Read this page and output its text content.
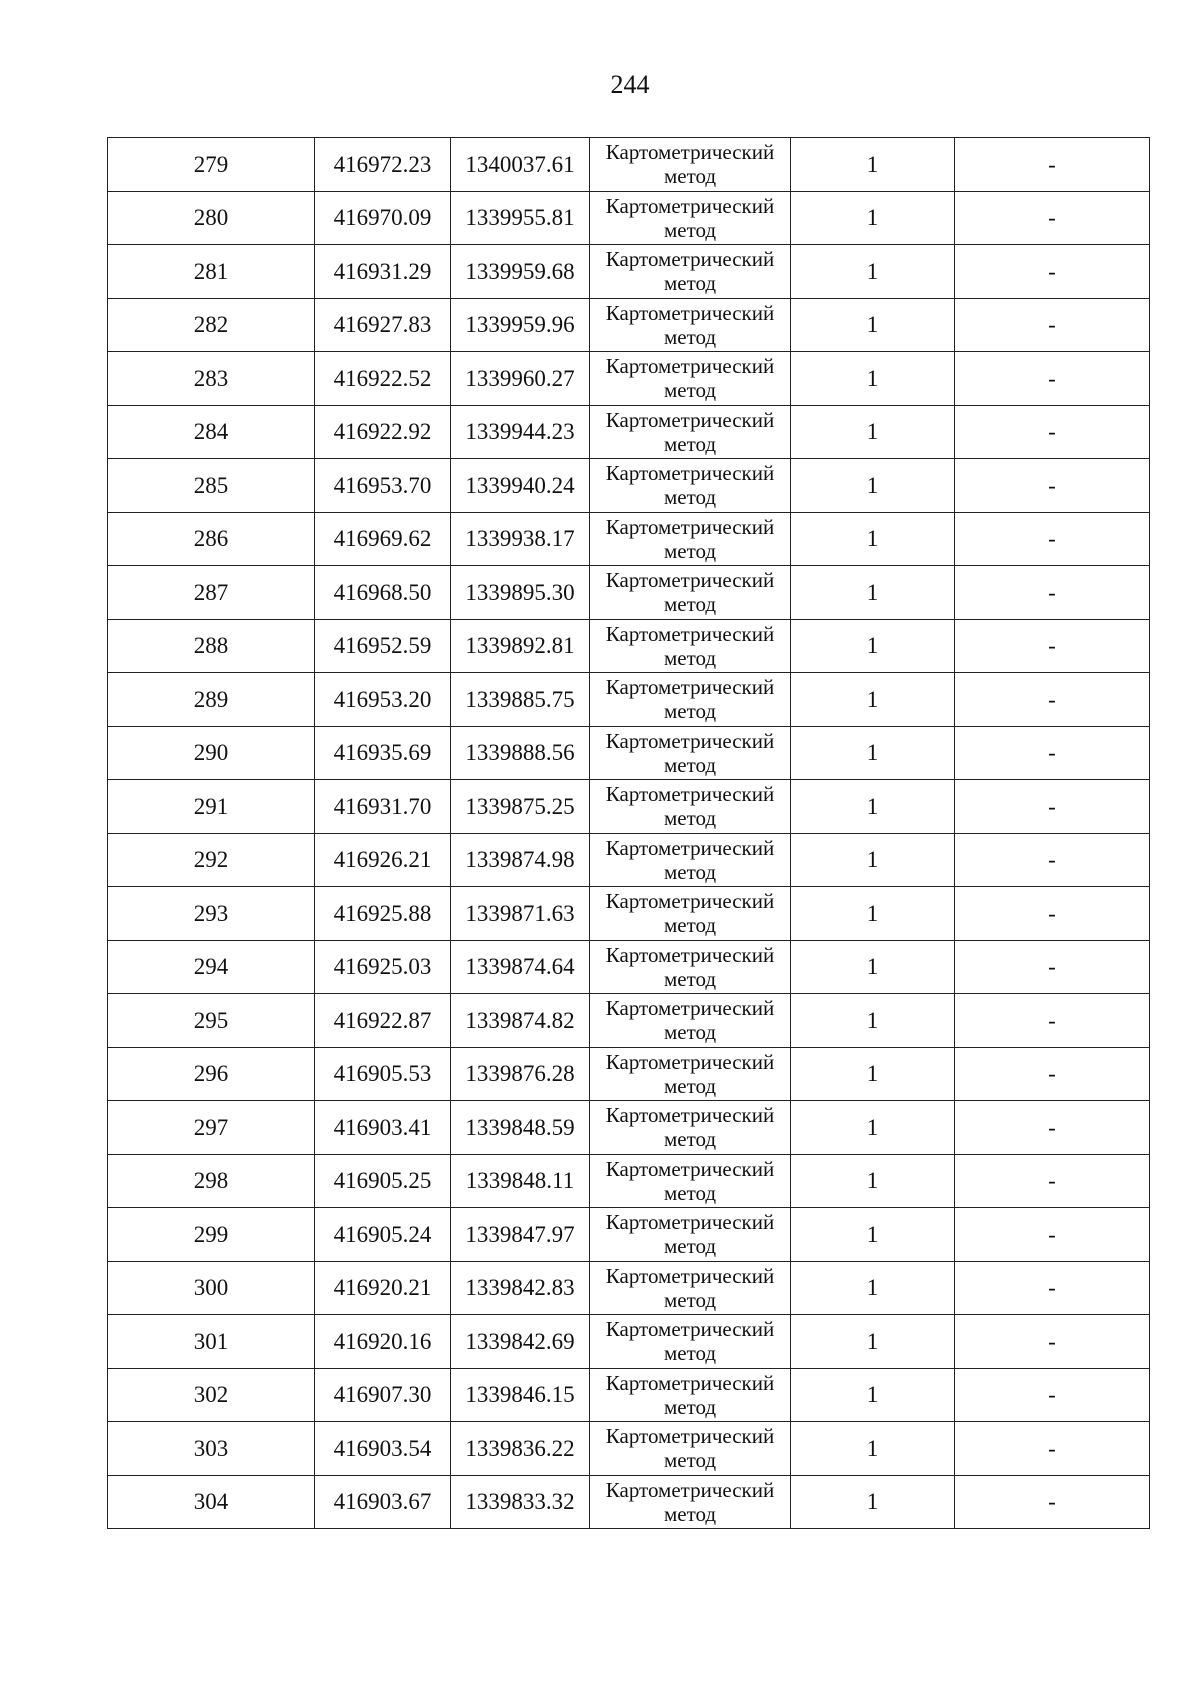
244
279	416972.23	1340037.61	Картометрический
метод	1	-
280	416970.09	1339955.81	Картометрический
метод	1	-
281	416931.29	1339959.68	Картометрический
метод	1	-
282	416927.83	1339959.96	Картометрический
метод	1	-
283	416922.52	1339960.27	Картометрический
метод	1	-
284	416922.92	1339944.23	Картометрический
метод	1	-
285	416953.70	1339940.24	Картометрический
метод	1	-
286	416969.62	1339938.17	Картометрический
метод	1	-
287	416968.50	1339895.30	Картометрический
метод	1	-
288	416952.59	1339892.81	Картометрический
метод	1	-
289	416953.20	1339885.75	Картометрический
метод	1	-
290	416935.69	1339888.56	Картометрический
метод	1	-
291	416931.70	1339875.25	Картометрический
метод	1	-
292	416926.21	1339874.98	Картометрический
метод	1	-
293	416925.88	1339871.63	Картометрический
метод	1	-
294	416925.03	1339874.64	Картометрический
метод	1	-
295	416922.87	1339874.82	Картометрический
метод	1	-
296	416905.53	1339876.28	Картометрический
метод	1	-
297	416903.41	1339848.59	Картометрический
метод	1	-
298	416905.25	1339848.11	Картометрический
метод	1	-
299	416905.24	1339847.97	Картометрический
метод	1	-
300	416920.21	1339842.83	Картометрический
метод	1	-
301	416920.16	1339842.69	Картометрический
метод	1	-
302	416907.30	1339846.15	Картометрический
метод	1	-
303	416903.54	1339836.22	Картометрический
метод	1	-
304	416903.67	1339833.32	Картометрический
метод	1	-
